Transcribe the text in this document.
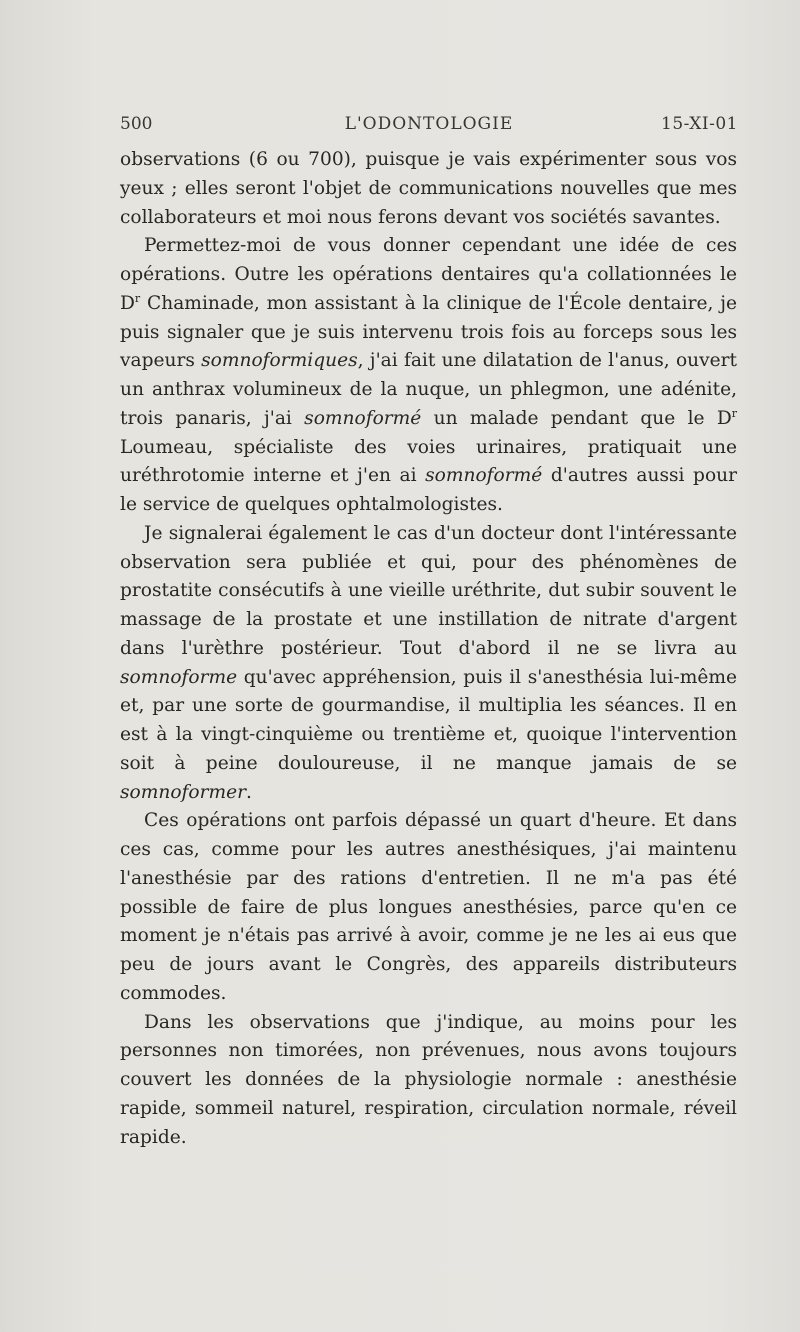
500	L'ODONTOLOGIE	15-XI-01

observations (6 ou 700), puisque je vais expérimenter sous vos yeux ; elles seront l'objet de communications nouvelles que mes collaborateurs et moi nous ferons devant vos sociétés savantes.

Permettez-moi de vous donner cependant une idée de ces opérations. Outre les opérations dentaires qu'a collationnées le $D^r$ Chaminade, mon assistant à la clinique de l'École dentaire, je puis signaler que je suis intervenu trois fois au forceps sous les vapeurs somnoformiques, j'ai fait une dilatation de l'anus, ouvert un anthrax volumineux de la nuque, un phlegmon, une adénite, trois panaris, j'ai somnoformé un malade pendant que le $D^r$ Loumeau, spécialiste des voies urinaires, pratiquait une uréthrotomie interne et j'en ai somnoformé d'autres aussi pour le service de quelques ophtalmologistes.

Je signalerai également le cas d'un docteur dont l'intéressante observation sera publiée et qui, pour des phénomènes de prostatite consécutifs à une vieille uréthrite, dut subir souvent le massage de la prostate et une instillation de nitrate d'argent dans l'urèthre postérieur. Tout d'abord il ne se livra au somnoforme qu'avec appréhension, puis il s'anesthésia lui-même et, par une sorte de gourmandise, il multiplia les séances. Il en est à la vingt-cinquième ou trentième et, quoique l'intervention soit à peine douloureuse, il ne manque jamais de se somnoformer.

Ces opérations ont parfois dépassé un quart d'heure. Et dans ces cas, comme pour les autres anesthésiques, j'ai maintenu l'anesthésie par des rations d'entretien. Il ne m'a pas été possible de faire de plus longues anesthésies, parce qu'en ce moment je n'étais pas arrivé à avoir, comme je ne les ai eus que peu de jours avant le Congrès, des appareils distributeurs commodes.

Dans les observations que j'indique, au moins pour les personnes non timorées, non prévenues, nous avons toujours couvert les données de la physiologie normale : anesthésie rapide, sommeil naturel, respiration, circulation normale, réveil rapide.
